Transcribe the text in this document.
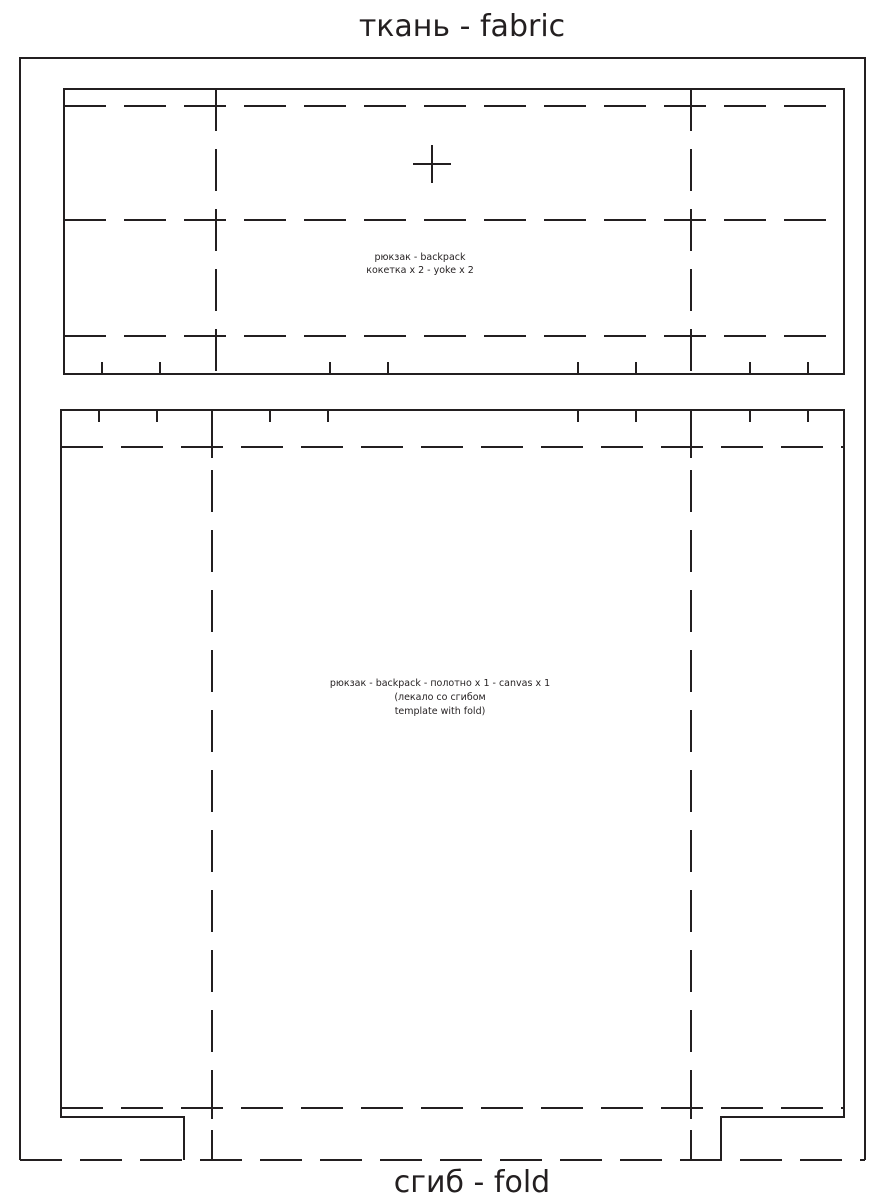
ткань - fabric
рюкзак - backpack
кокетка х 2 - yoke x 2
рюкзак - backpack - полотно х 1 - canvas x 1
(лекало со сгибом
template with fold)
сгиб - fold
